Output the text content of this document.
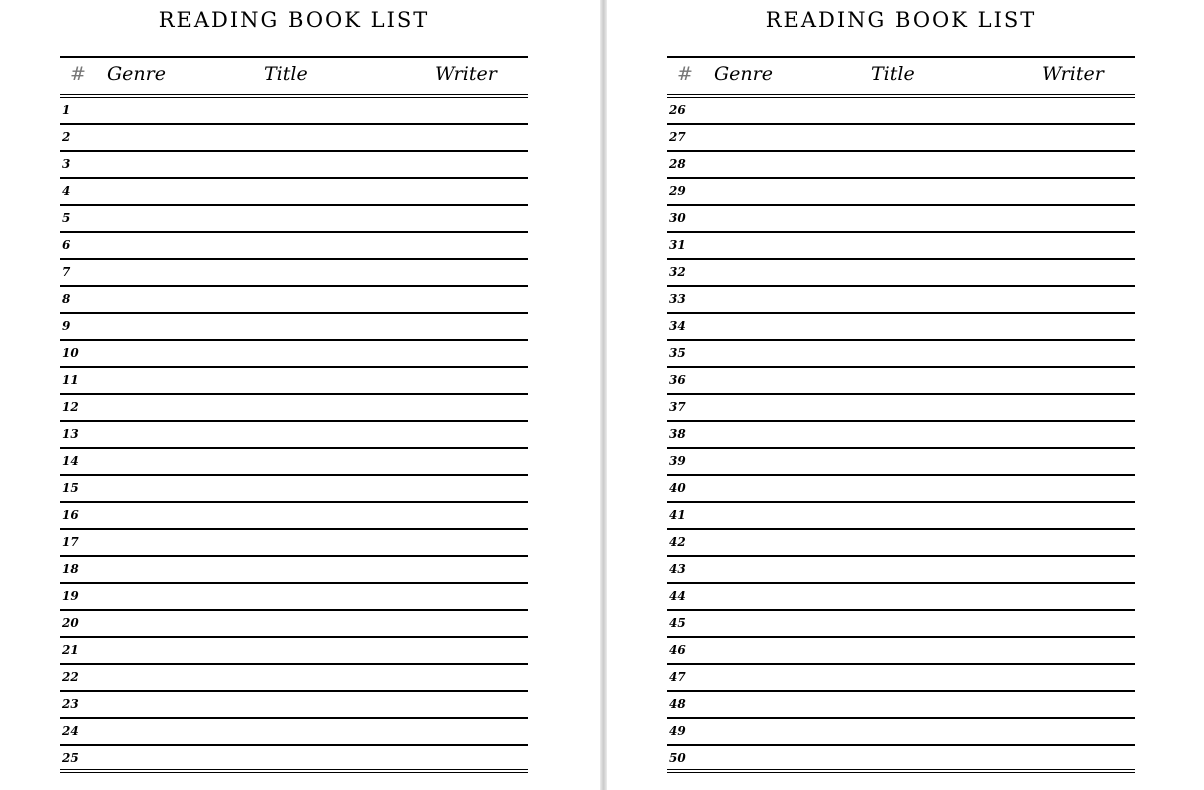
READING BOOK LIST
# Genre	Title	Writer
1
2
3
4
5
6
7
8
9
10
11
12
13
14
15
16
17
18
19
20
21
22
23
24
25
READING BOOK LIST
# Genre	Title	Writer
26
27
28
29
30
31
32
33
34
35
36
37
38
39
40
41
42
43
44
45
46
47
48
49
50
